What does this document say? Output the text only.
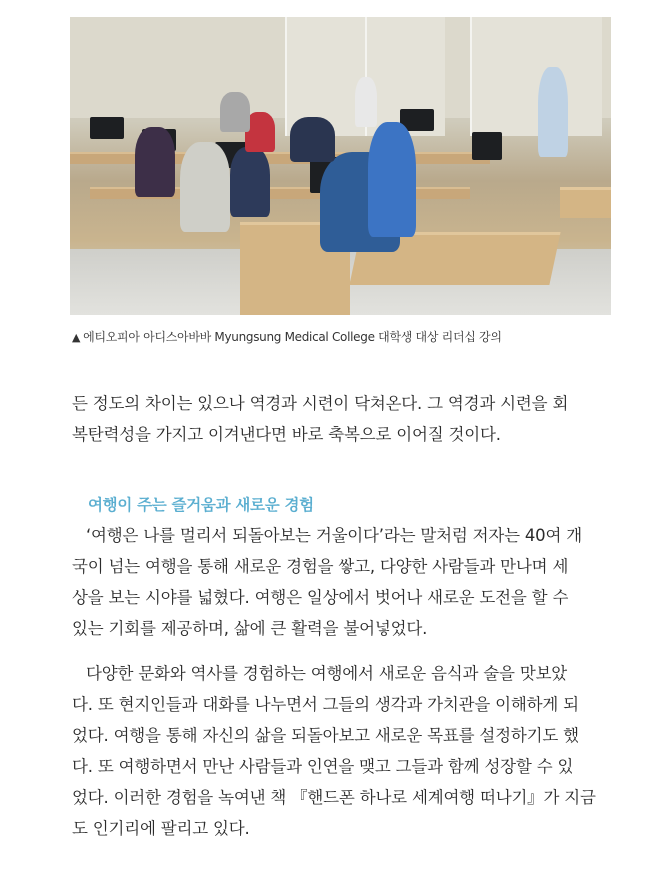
▲ 에티오피아 아디스아바바 Myungsung Medical College 대학생 대상 리더십 강의
든 정도의 차이는 있으나 역경과 시련이 닥쳐온다. 그 역경과 시련을 회
복탄력성을 가지고 이겨낸다면 바로 축복으로 이어질 것이다.
여행이 주는 즐거움과 새로운 경험
‘여행은 나를 멀리서 되돌아보는 거울이다’라는 말처럼 저자는 40여 개
국이 넘는 여행을 통해 새로운 경험을 쌓고, 다양한 사람들과 만나며 세
상을 보는 시야를 넓혔다. 여행은 일상에서 벗어나 새로운 도전을 할 수
있는 기회를 제공하며, 삶에 큰 활력을 불어넣었다.
다양한 문화와 역사를 경험하는 여행에서 새로운 음식과 술을 맛보았
다. 또 현지인들과 대화를 나누면서 그들의 생각과 가치관을 이해하게 되
었다. 여행을 통해 자신의 삶을 되돌아보고 새로운 목표를 설정하기도 했
다. 또 여행하면서 만난 사람들과 인연을 맺고 그들과 함께 성장할 수 있
었다. 이러한 경험을 녹여낸 책 『핸드폰 하나로 세계여행 떠나기』가 지금
도 인기리에 팔리고 있다.
